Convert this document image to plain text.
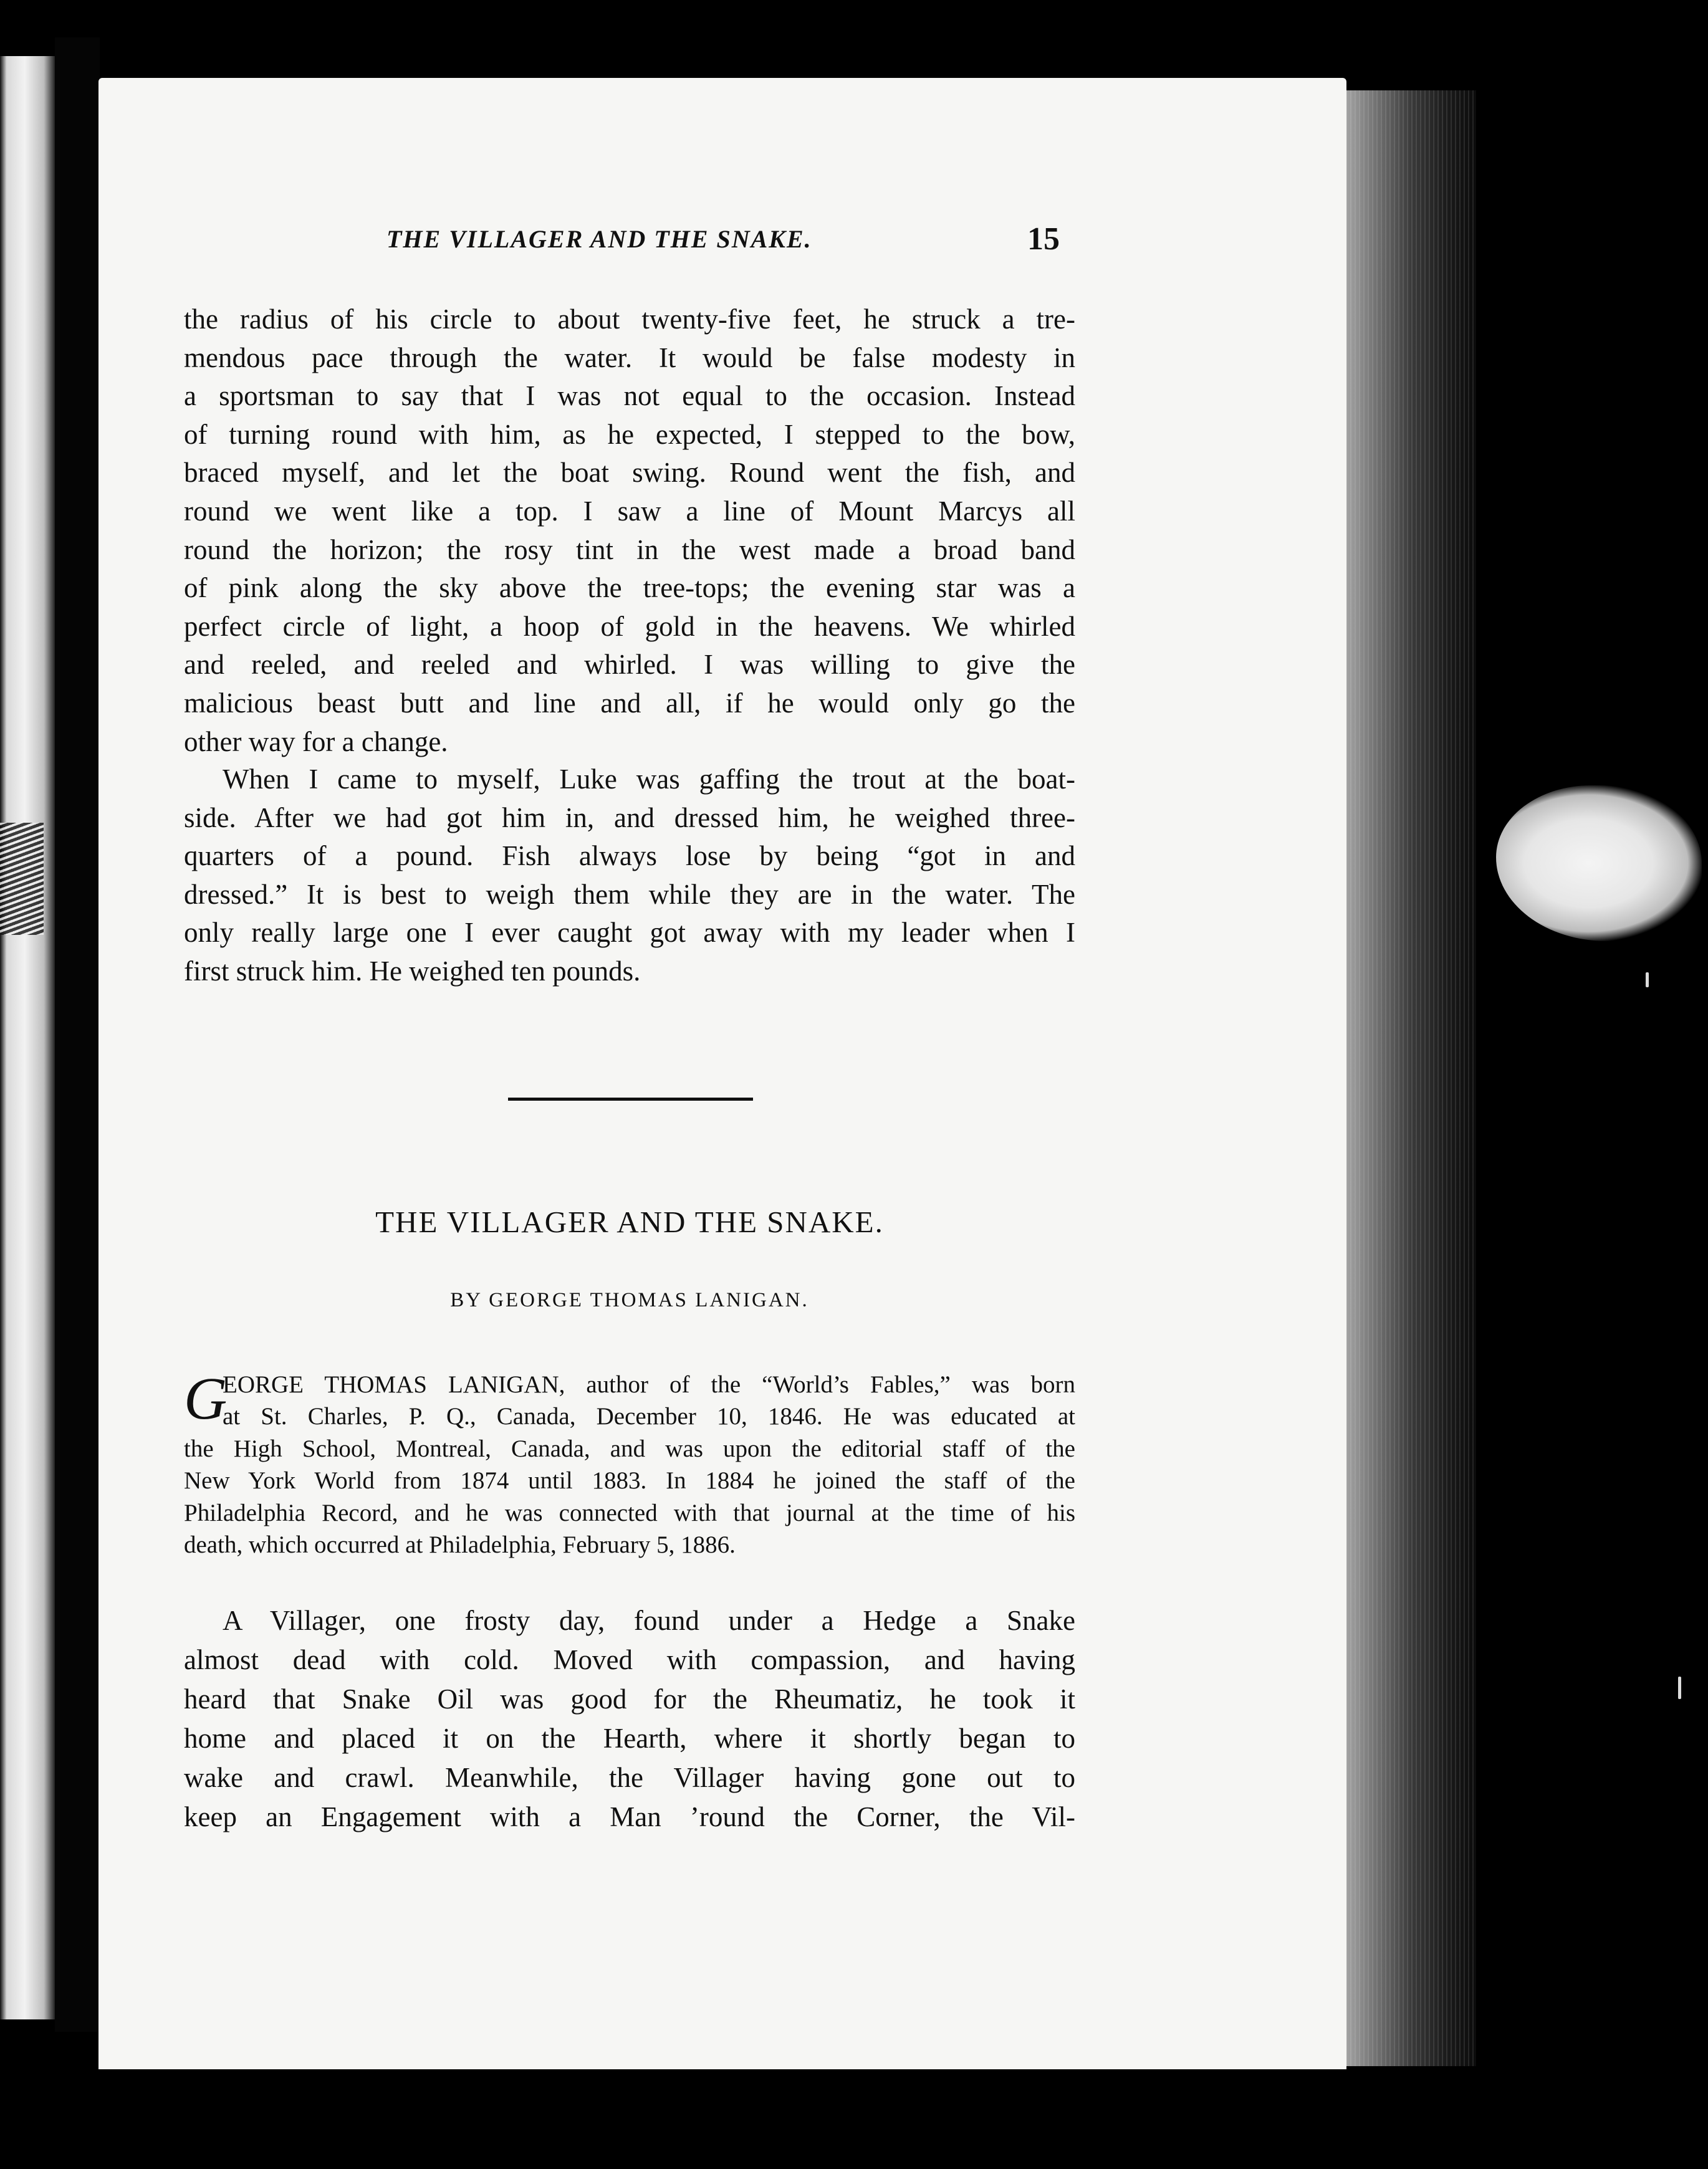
THE VILLAGER AND THE SNAKE.	15
the radius of his circle to about twenty-five feet, he struck a tre-
mendous pace through the water. It would be false modesty in
a sportsman to say that I was not equal to the occasion. Instead
of turning round with him, as he expected, I stepped to the bow,
braced myself, and let the boat swing. Round went the fish, and
round we went like a top. I saw a line of Mount Marcys all
round the horizon; the rosy tint in the west made a broad band
of pink along the sky above the tree-tops; the evening star was a
perfect circle of light, a hoop of gold in the heavens. We whirled
and reeled, and reeled and whirled. I was willing to give the
malicious beast butt and line and all, if he would only go the
other way for a change.
When I came to myself, Luke was gaffing the trout at the boat-
side. After we had got him in, and dressed him, he weighed three-
quarters of a pound. Fish always lose by being “got in and
dressed.” It is best to weigh them while they are in the water. The
only really large one I ever caught got away with my leader when I
first struck him. He weighed ten pounds.
THE VILLAGER AND THE SNAKE.
BY GEORGE THOMAS LANIGAN.
G
EORGE THOMAS LANIGAN, author of the “World’s Fables,” was born
at St. Charles, P. Q., Canada, December 10, 1846. He was educated at
the High School, Montreal, Canada, and was upon the editorial staff of the
New York World from 1874 until 1883. In 1884 he joined the staff of the
Philadelphia Record, and he was connected with that journal at the time of his
death, which occurred at Philadelphia, February 5, 1886.
A Villager, one frosty day, found under a Hedge a Snake
almost dead with cold. Moved with compassion, and having
heard that Snake Oil was good for the Rheumatiz, he took it
home and placed it on the Hearth, where it shortly began to
wake and crawl. Meanwhile, the Villager having gone out to
keep an Engagement with a Man ’round the Corner, the Vil-
